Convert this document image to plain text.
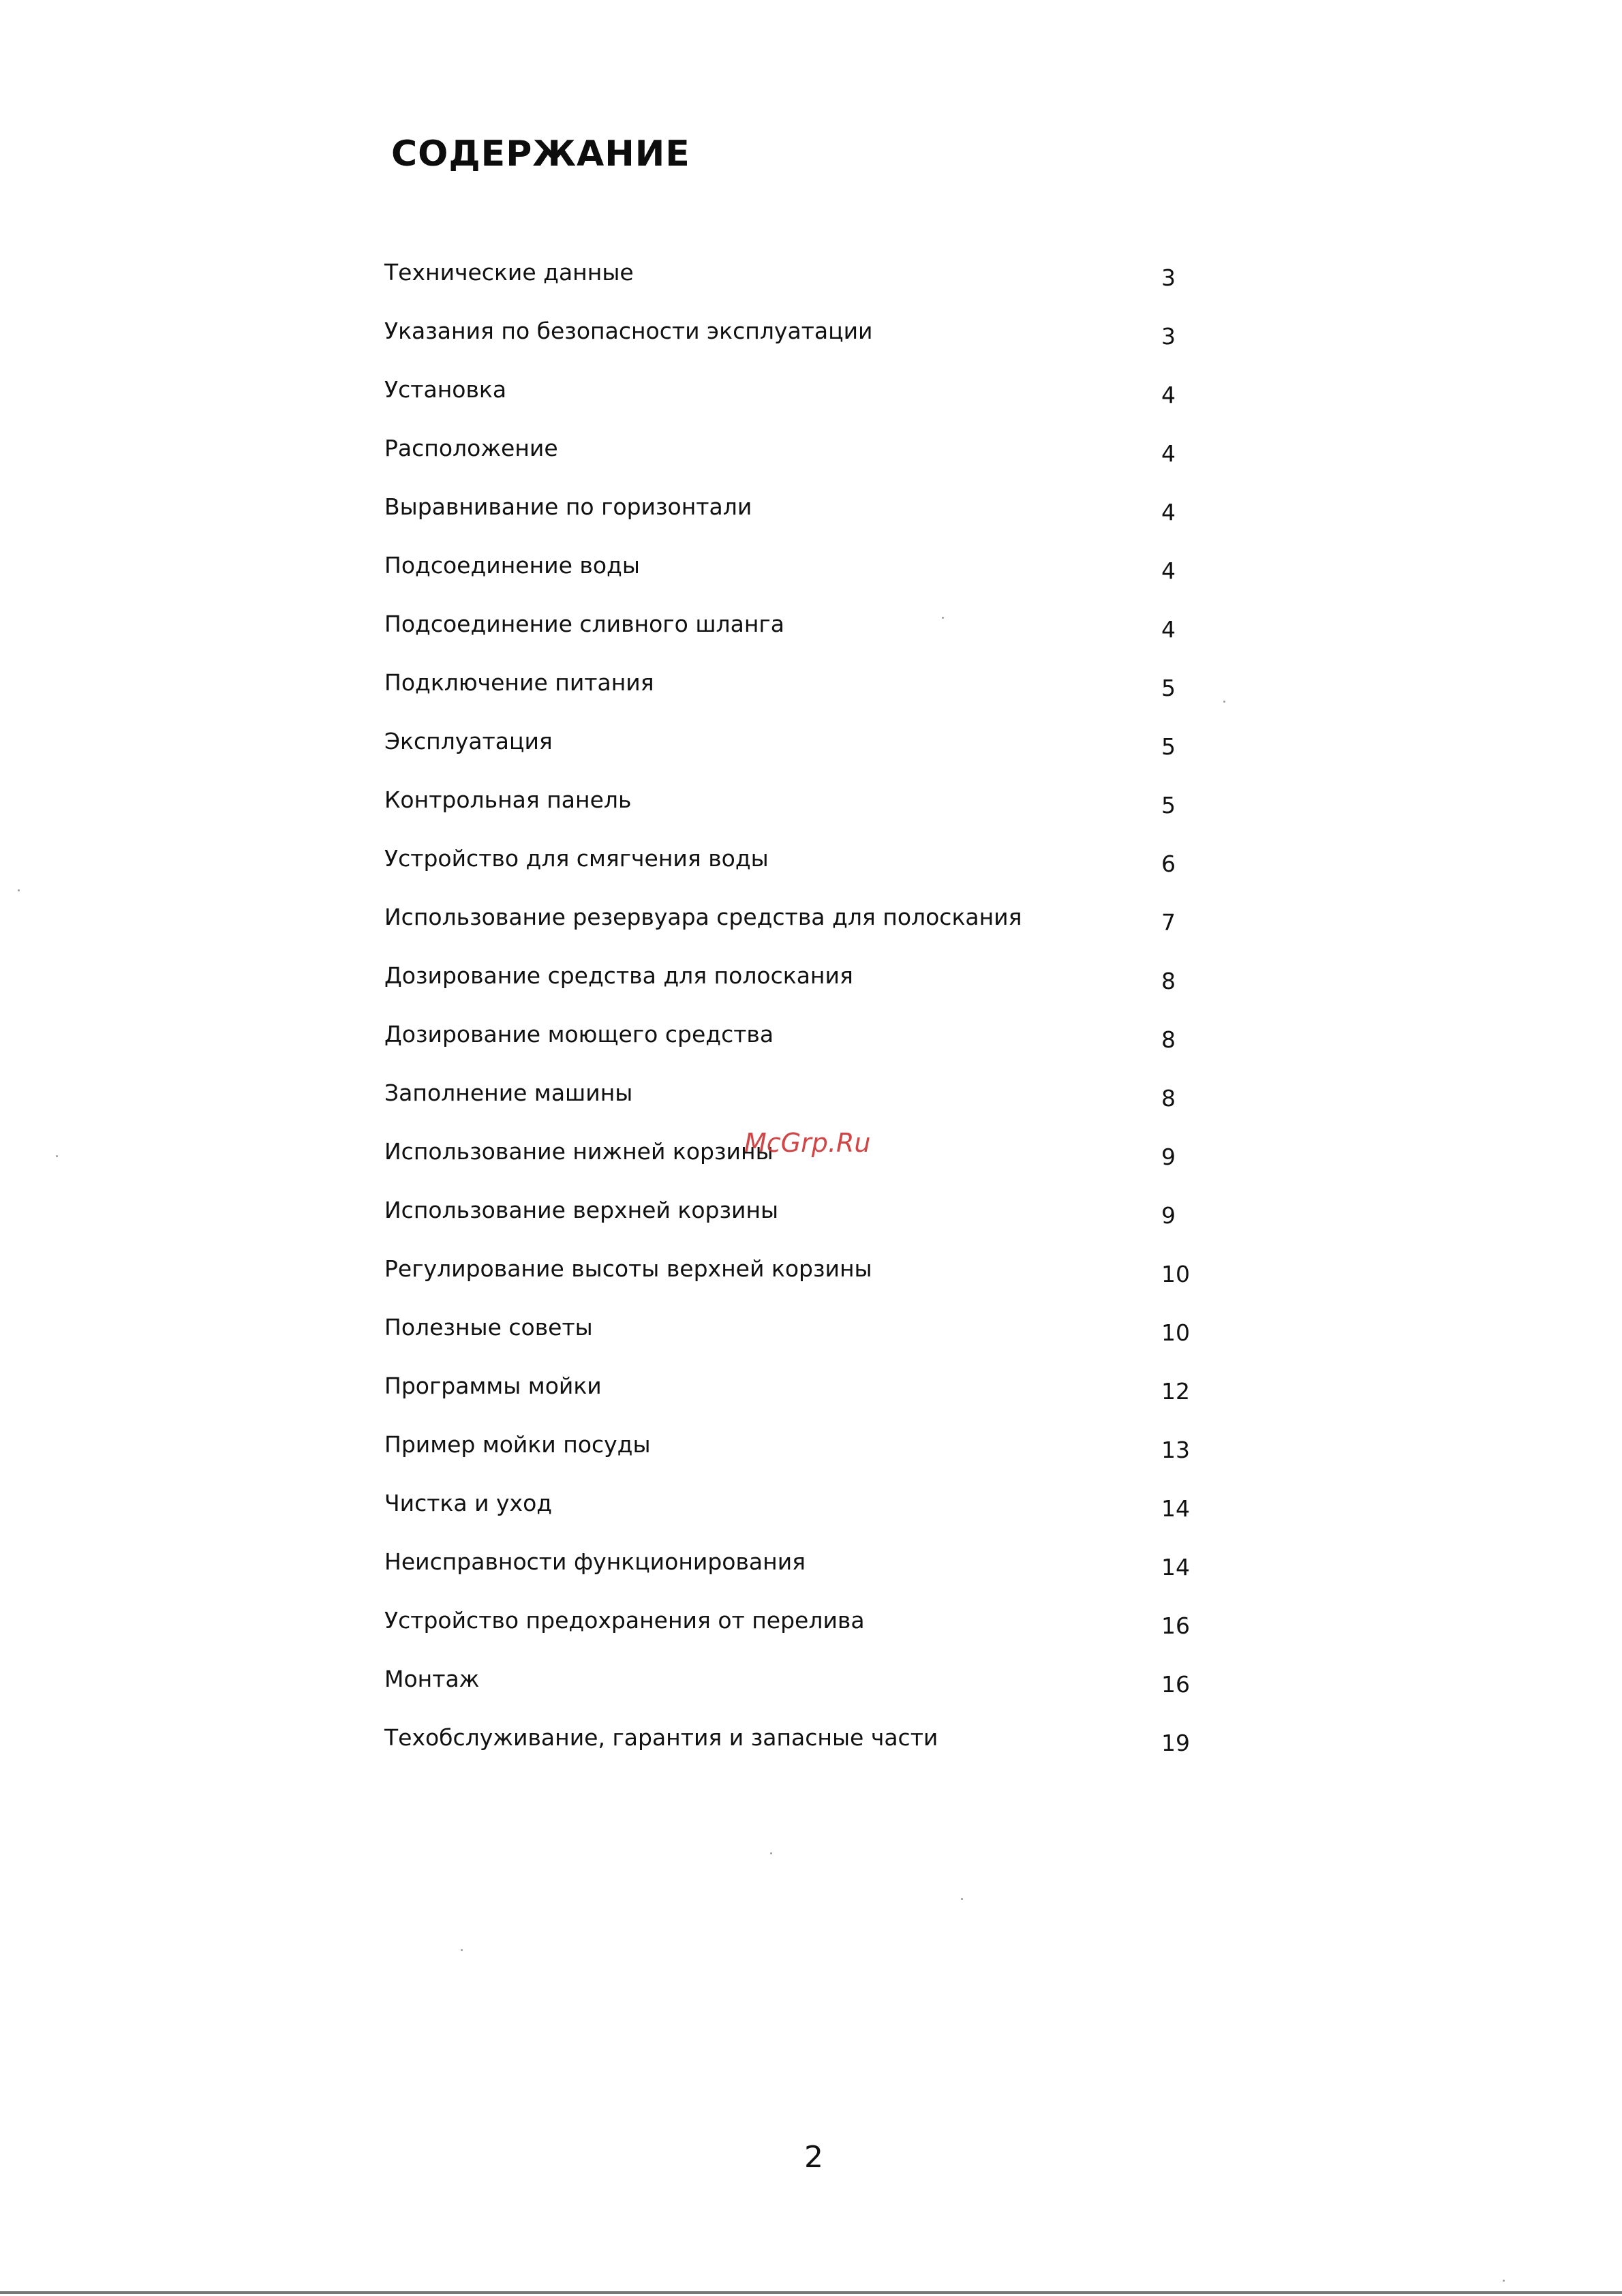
СОДЕРЖАНИЕ
Технические данные	3
Указания по безопасности эксплуатации	3
Установка	4
Расположение	4
Выравнивание по горизонтали	4
Подсоединение воды	4
Подсоединение сливного шланга	4
Подключение питания	5
Эксплуатация	5
Контрольная панель	5
Устройство для смягчения воды	6
Использование резервуара средства для полоскания	7
Дозирование средства для полоскания	8
Дозирование моющего средства	8
Заполнение машины	8
Использование нижней корзины	9
Использование верхней корзины	9
Регулирование высоты верхней корзины	10
Полезные советы	10
Программы мойки	12
Пример мойки посуды	13
Чистка и уход	14
Неисправности функционирования	14
Устройство предохранения от перелива	16
Монтаж	16
Техобслуживание, гарантия и запасные части	19
McGrp.Ru
2
